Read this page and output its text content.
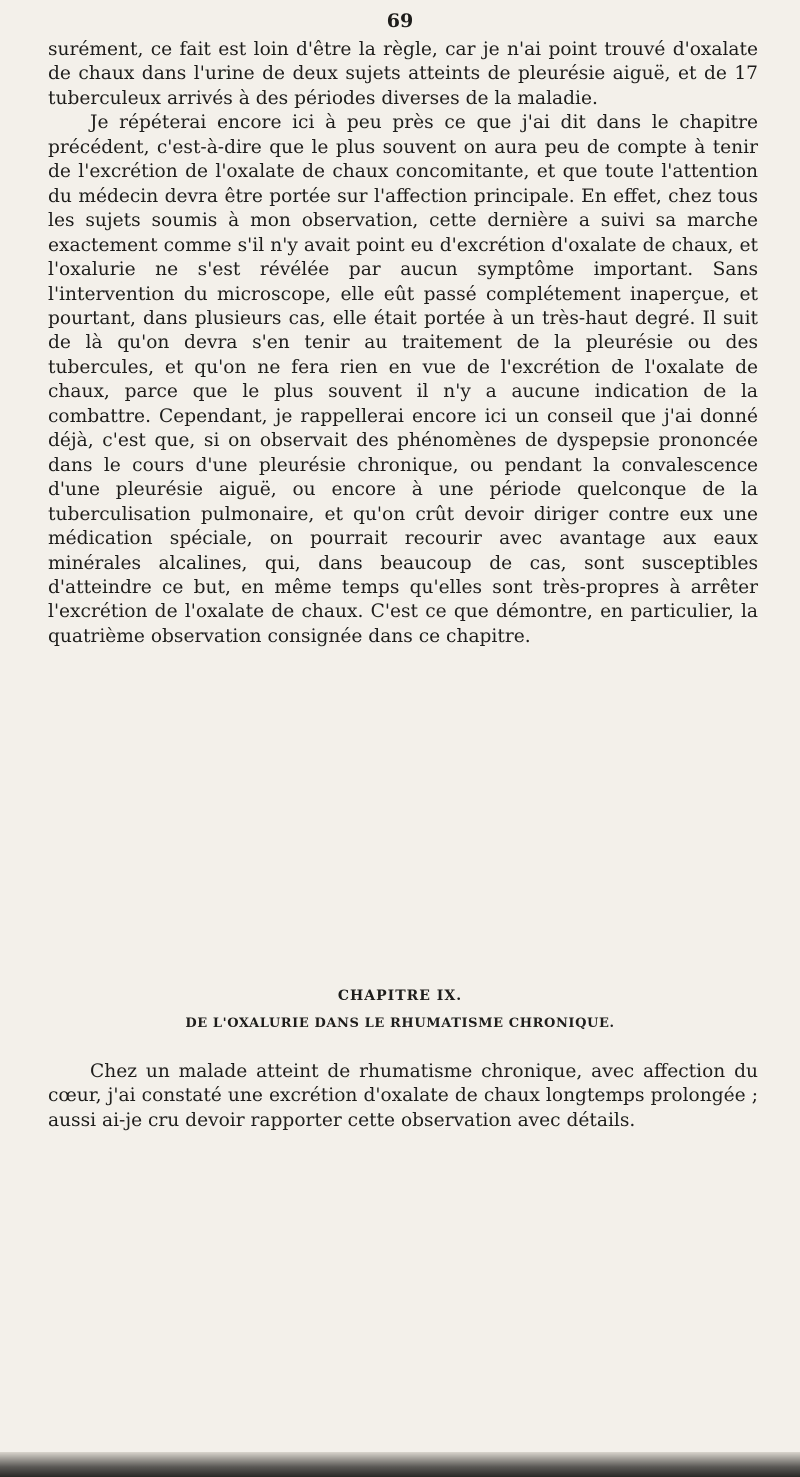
69

surément, ce fait est loin d'être la règle, car je n'ai point trouvé d'oxalate de chaux dans l'urine de deux sujets atteints de pleurésie aiguë, et de 17 tuberculeux arrivés à des périodes diverses de la maladie.

Je répéterai encore ici à peu près ce que j'ai dit dans le chapitre précédent, c'est-à-dire que le plus souvent on aura peu de compte à tenir de l'excrétion de l'oxalate de chaux concomitante, et que toute l'attention du médecin devra être portée sur l'affection principale. En effet, chez tous les sujets soumis à mon observation, cette dernière a suivi sa marche exactement comme s'il n'y avait point eu d'excrétion d'oxalate de chaux, et l'oxalurie ne s'est révélée par aucun symptôme important. Sans l'intervention du microscope, elle eût passé complétement inaperçue, et pourtant, dans plusieurs cas, elle était portée à un très-haut degré. Il suit de là qu'on devra s'en tenir au traitement de la pleurésie ou des tubercules, et qu'on ne fera rien en vue de l'excrétion de l'oxalate de chaux, parce que le plus souvent il n'y a aucune indication de la combattre. Cependant, je rappellerai encore ici un conseil que j'ai donné déjà, c'est que, si on observait des phénomènes de dyspepsie prononcée dans le cours d'une pleurésie chronique, ou pendant la convalescence d'une pleurésie aiguë, ou encore à une période quelconque de la tuberculisation pulmonaire, et qu'on crût devoir diriger contre eux une médication spéciale, on pourrait recourir avec avantage aux eaux minérales alcalines, qui, dans beaucoup de cas, sont susceptibles d'atteindre ce but, en même temps qu'elles sont très-propres à arrêter l'excrétion de l'oxalate de chaux. C'est ce que démontre, en particulier, la quatrième observation consignée dans ce chapitre.

CHAPITRE IX.
DE L'OXALURIE DANS LE RHUMATISME CHRONIQUE.

Chez un malade atteint de rhumatisme chronique, avec affection du cœur, j'ai constaté une excrétion d'oxalate de chaux longtemps prolongée ; aussi ai-je cru devoir rapporter cette observation avec détails.
